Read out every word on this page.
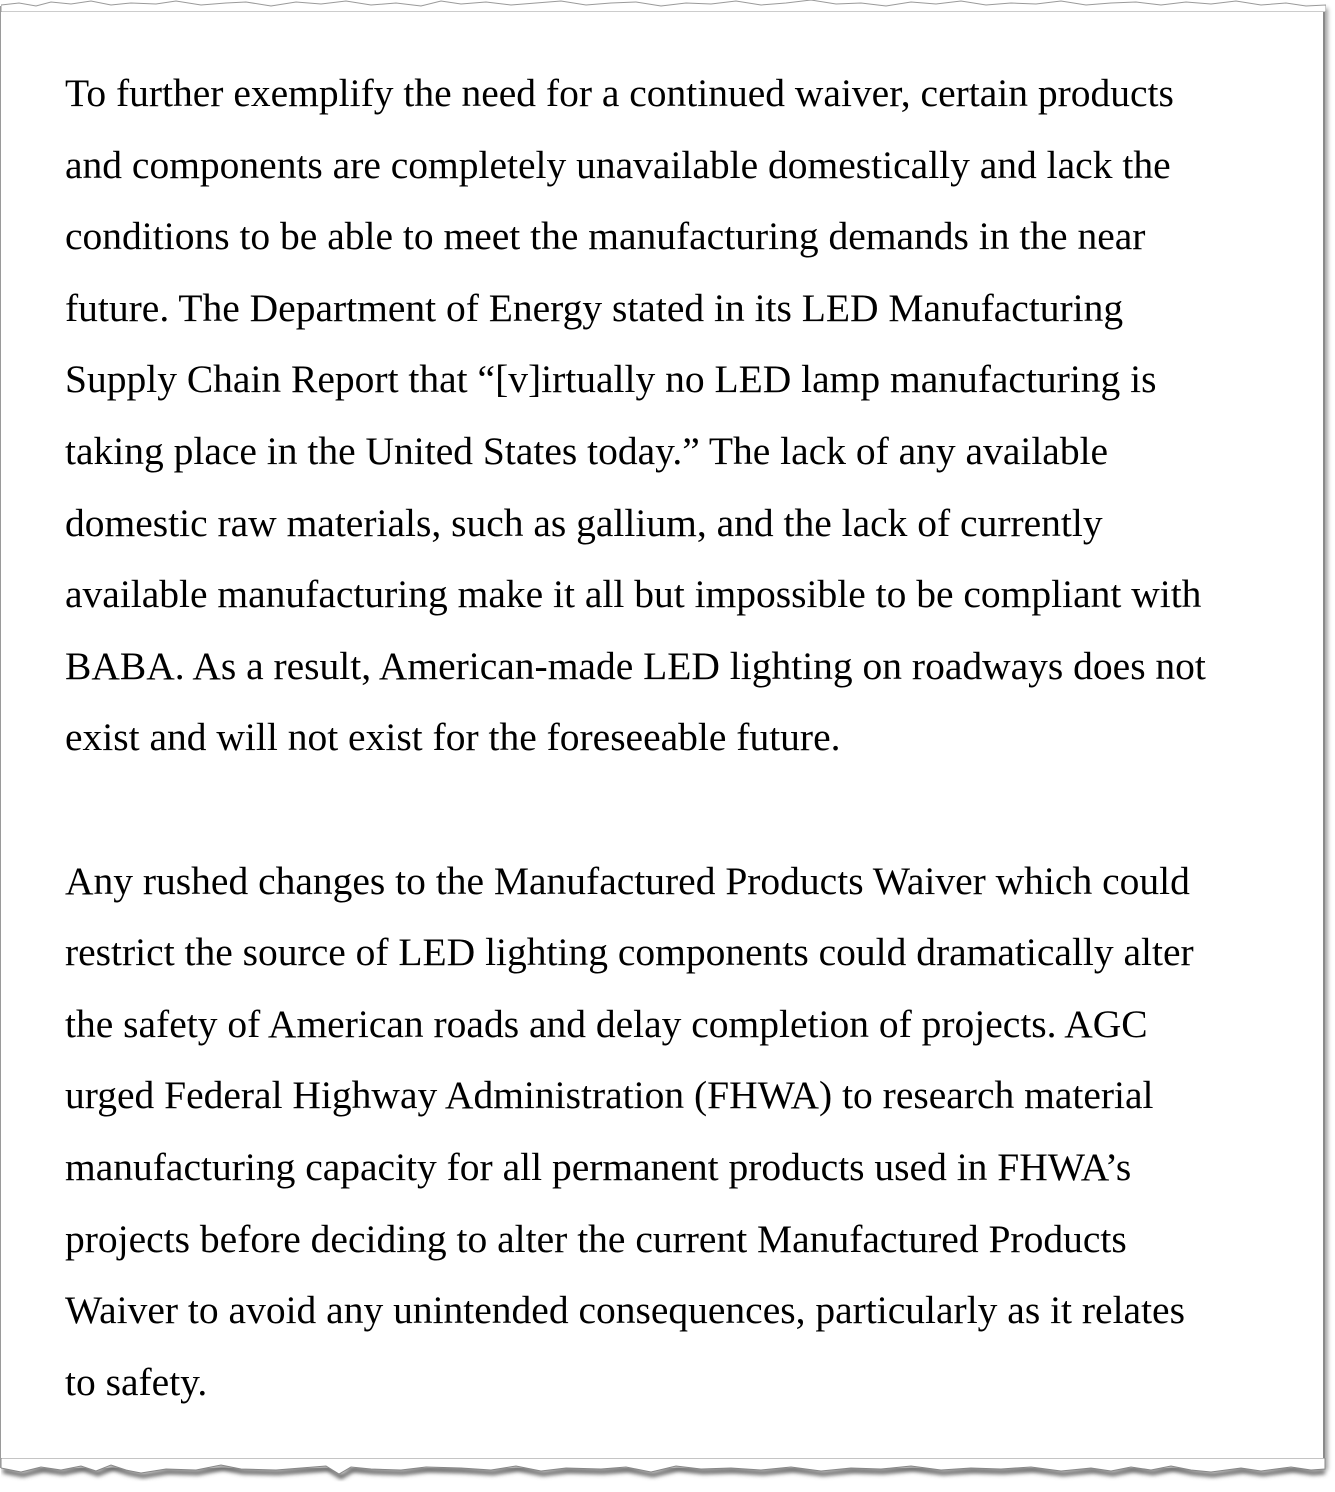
To further exemplify the need for a continued waiver, certain products
and components are completely unavailable domestically and lack the
conditions to be able to meet the manufacturing demands in the near
future. The Department of Energy stated in its LED Manufacturing
Supply Chain Report that “[v]irtually no LED lamp manufacturing is
taking place in the United States today.” The lack of any available
domestic raw materials, such as gallium, and the lack of currently
available manufacturing make it all but impossible to be compliant with
BABA. As a result, American-made LED lighting on roadways does not
exist and will not exist for the foreseeable future.

Any rushed changes to the Manufactured Products Waiver which could
restrict the source of LED lighting components could dramatically alter
the safety of American roads and delay completion of projects. AGC
urged Federal Highway Administration (FHWA) to research material
manufacturing capacity for all permanent products used in FHWA’s
projects before deciding to alter the current Manufactured Products
Waiver to avoid any unintended consequences, particularly as it relates
to safety.
